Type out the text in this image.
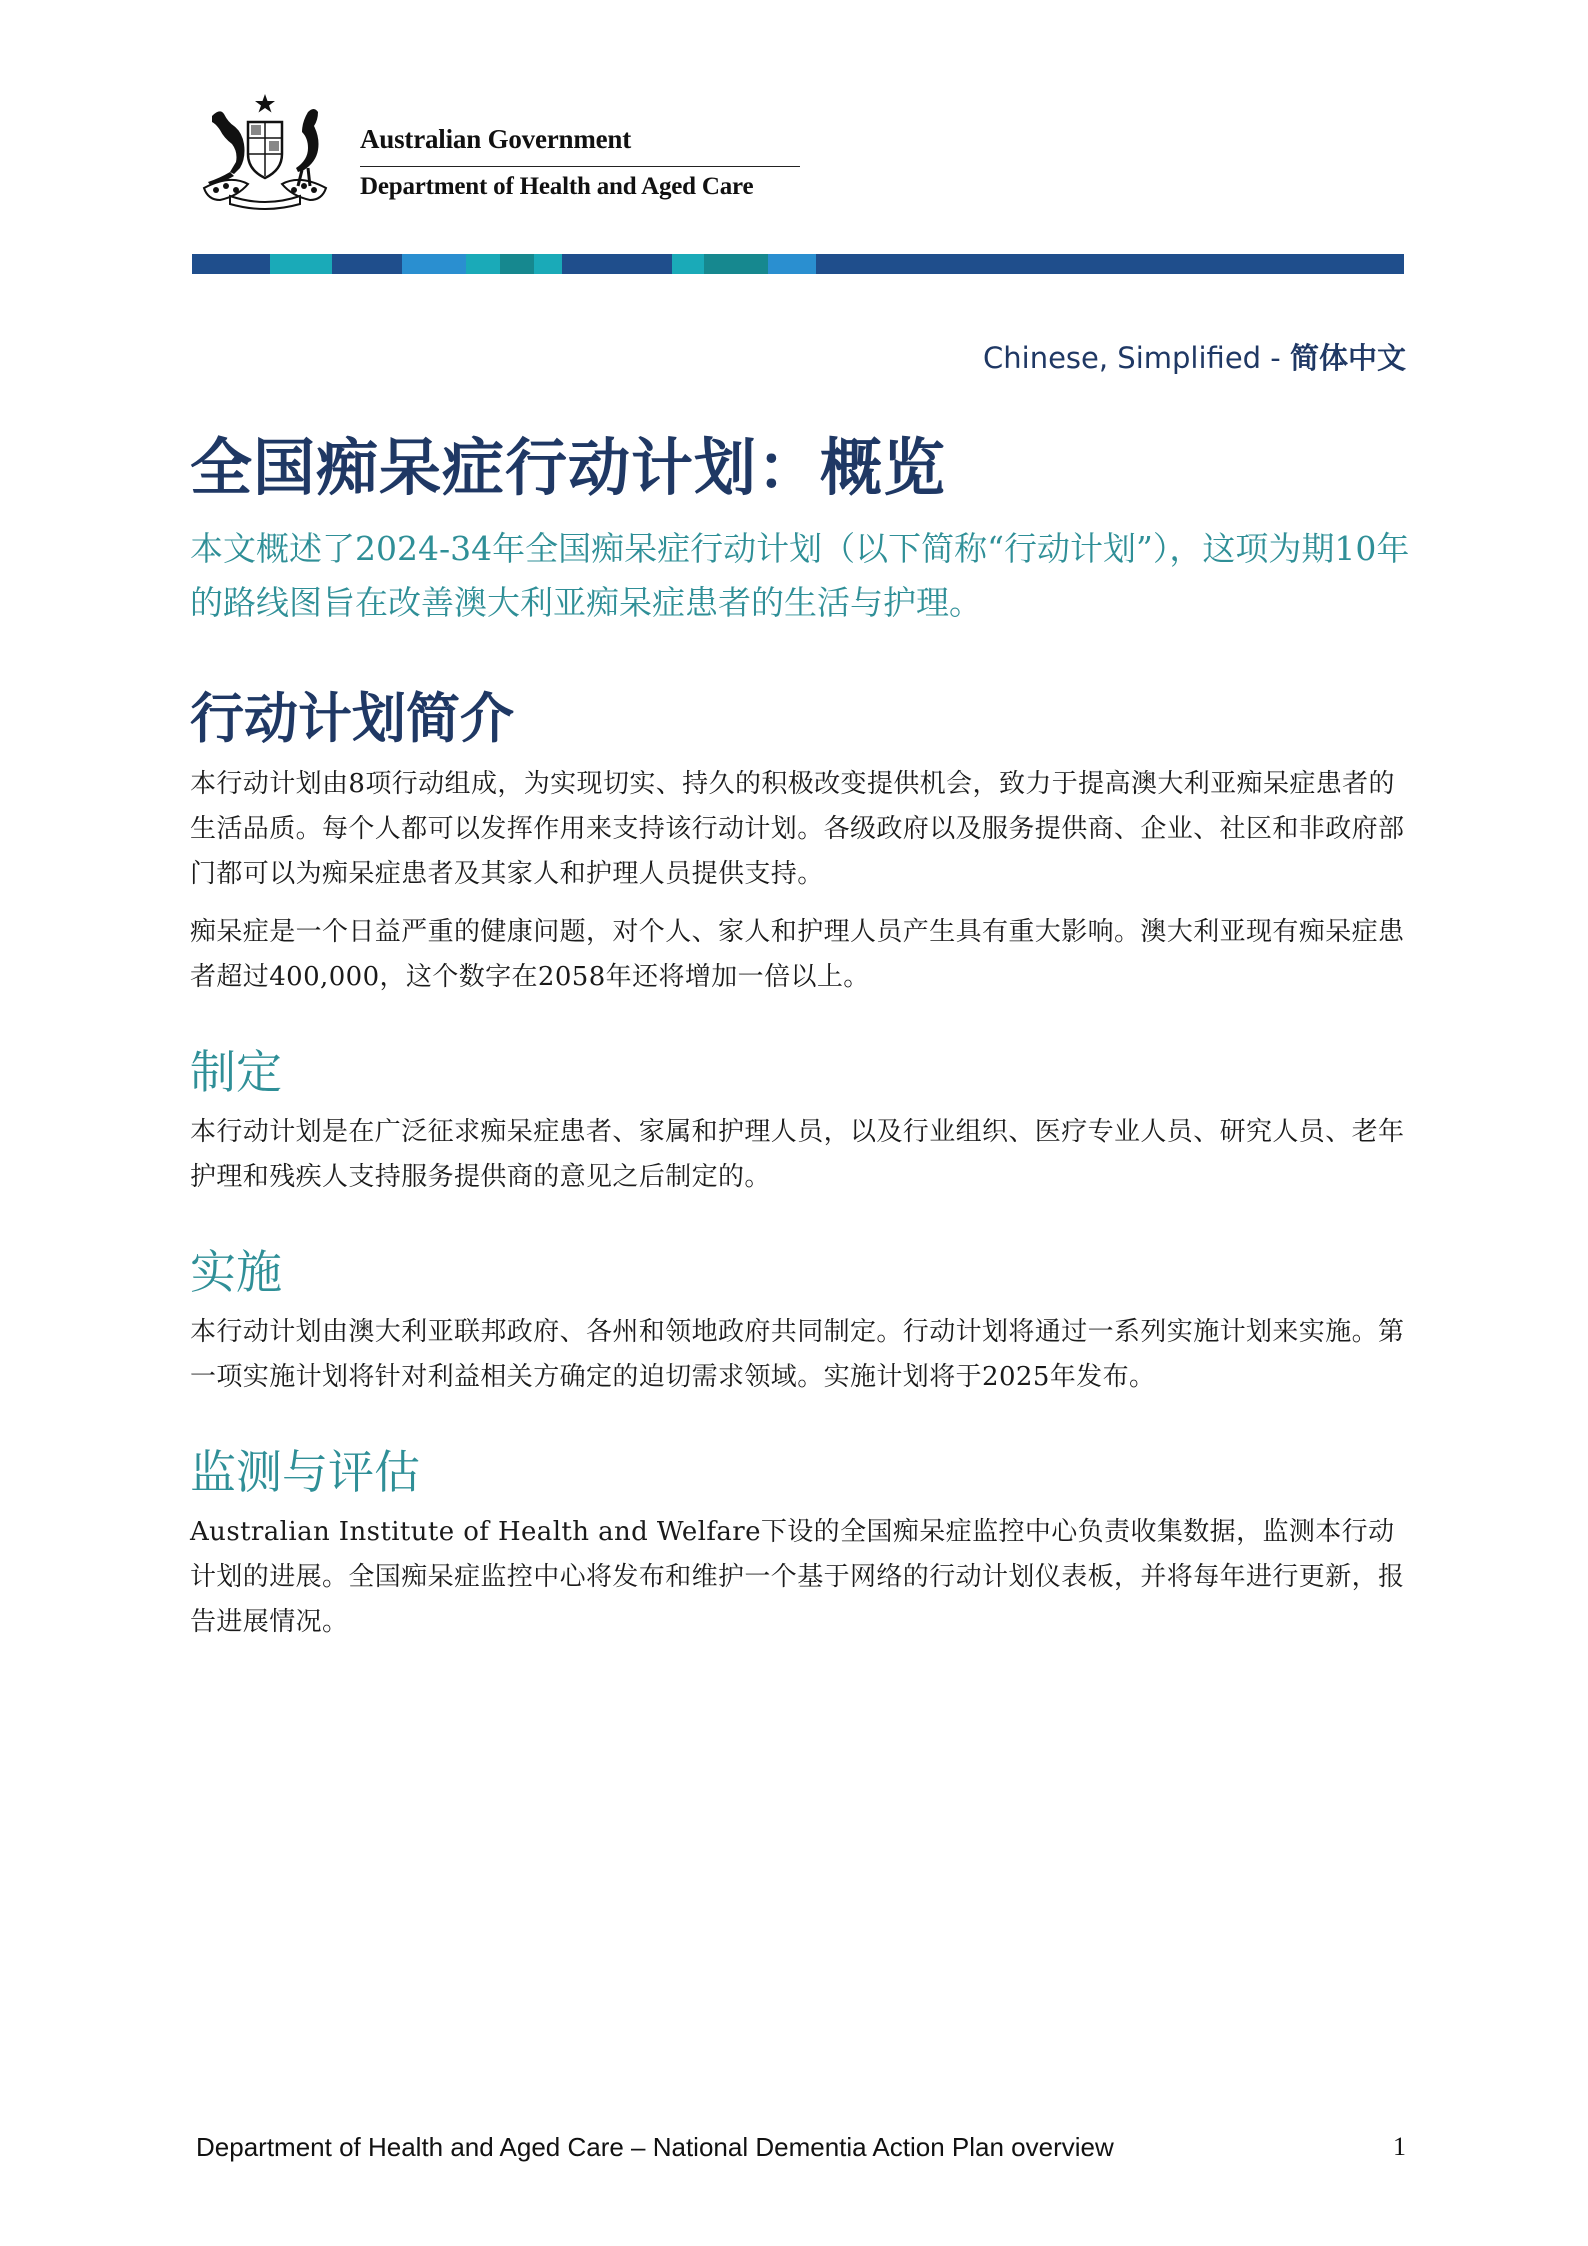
Australian Government
Department of Health and Aged Care
Chinese, Simplified - 简体中文
全国痴呆症行动计划：概览
本文概述了2024-34年全国痴呆症行动计划（以下简称“行动计划”），这项为期10年的路线图旨在改善澳大利亚痴呆症患者的生活与护理。
行动计划简介
本行动计划由8项行动组成，为实现切实、持久的积极改变提供机会，致力于提高澳大利亚痴呆症患者的生活品质。每个人都可以发挥作用来支持该行动计划。各级政府以及服务提供商、企业、社区和非政府部门都可以为痴呆症患者及其家人和护理人员提供支持。
痴呆症是一个日益严重的健康问题，对个人、家人和护理人员产生具有重大影响。澳大利亚现有痴呆症患者超过400,000，这个数字在2058年还将增加一倍以上。
制定
本行动计划是在广泛征求痴呆症患者、家属和护理人员，以及行业组织、医疗专业人员、研究人员、老年护理和残疾人支持服务提供商的意见之后制定的。
实施
本行动计划由澳大利亚联邦政府、各州和领地政府共同制定。行动计划将通过一系列实施计划来实施。第一项实施计划将针对利益相关方确定的迫切需求领域。实施计划将于2025年发布。
监测与评估
Australian Institute of Health and Welfare下设的全国痴呆症监控中心负责收集数据，监测本行动计划的进展。全国痴呆症监控中心将发布和维护一个基于网络的行动计划仪表板，并将每年进行更新，报告进展情况。
Department of Health and Aged Care – National Dementia Action Plan overview	1
